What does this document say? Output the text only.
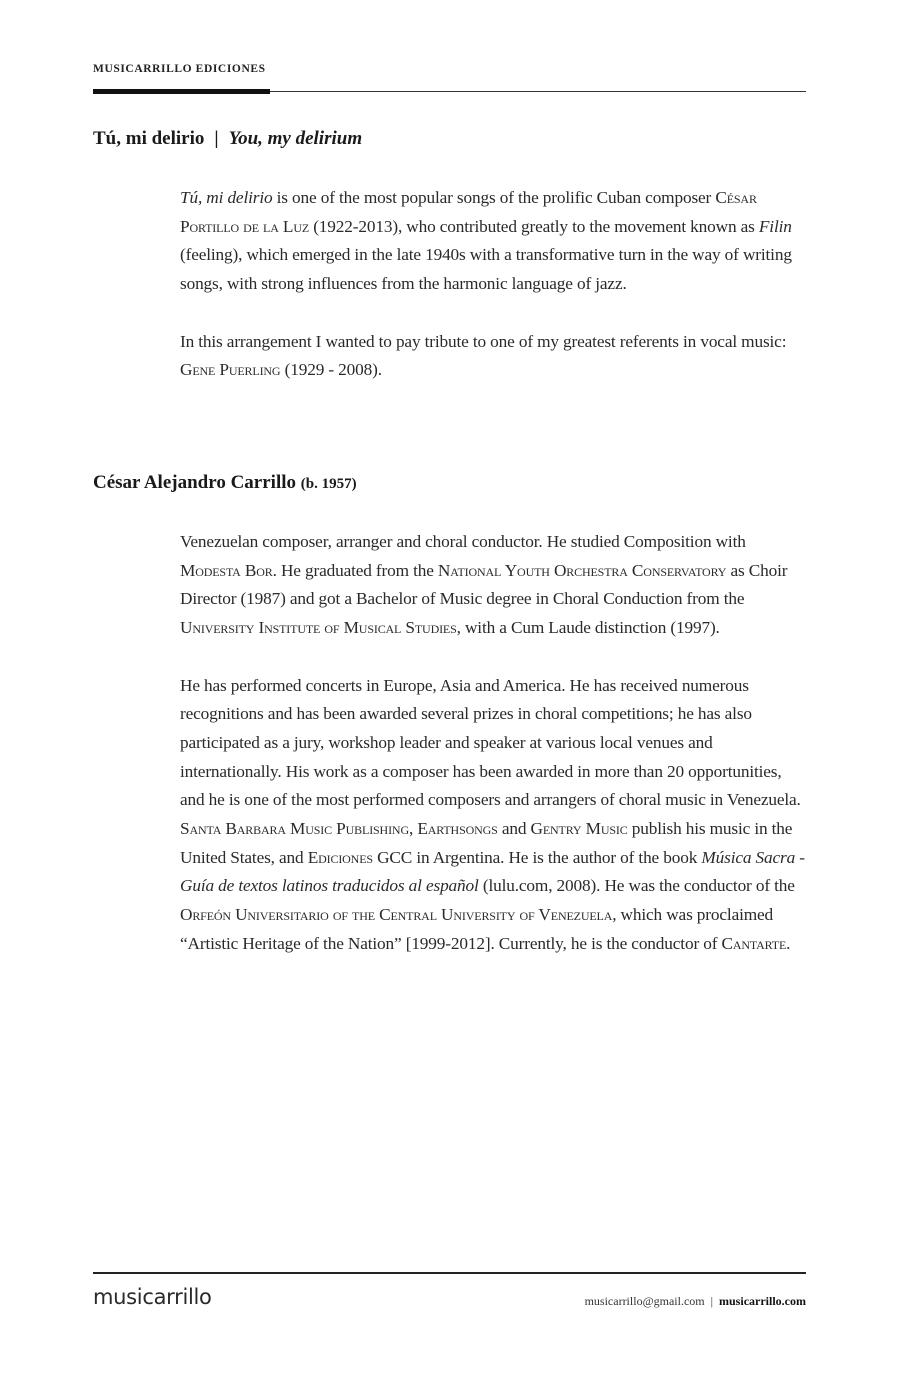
MUSICARRILLO EDICIONES
Tú, mi delirio | You, my delirium

Tú, mi delirio is one of the most popular songs of the prolific Cuban composer César Portillo de la Luz (1922-2013), who contributed greatly to the movement known as Filin (feeling), which emerged in the late 1940s with a transformative turn in the way of writing songs, with strong influences from the harmonic language of jazz.

In this arrangement I wanted to pay tribute to one of my greatest referents in vocal music: Gene Puerling (1929 - 2008).

César Alejandro Carrillo (b. 1957)

Venezuelan composer, arranger and choral conductor. He studied Composition with Modesta Bor. He graduated from the National Youth Orchestra Conservatory as Choir Director (1987) and got a Bachelor of Music degree in Choral Conduction from the University Institute of Musical Studies, with a Cum Laude distinction (1997).

He has performed concerts in Europe, Asia and America. He has received numerous recognitions and has been awarded several prizes in choral competitions; he has also participated as a jury, workshop leader and speaker at various local venues and internationally. His work as a composer has been awarded in more than 20 opportunities, and he is one of the most performed composers and arrangers of choral music in Venezuela. Santa Barbara Music Publishing, Earthsongs and Gentry Music publish his music in the United States, and Ediciones GCC in Argentina. He is the author of the book Música Sacra - Guía de textos latinos traducidos al español (lulu.com, 2008). He was the conductor of the Orfeón Universitario of the Central University of Venezuela, which was proclaimed “Artistic Heritage of the Nation” [1999-2012]. Currently, he is the conductor of Cantarte.

musicarrillo	musicarrillo@gmail.com | musicarrillo.com
